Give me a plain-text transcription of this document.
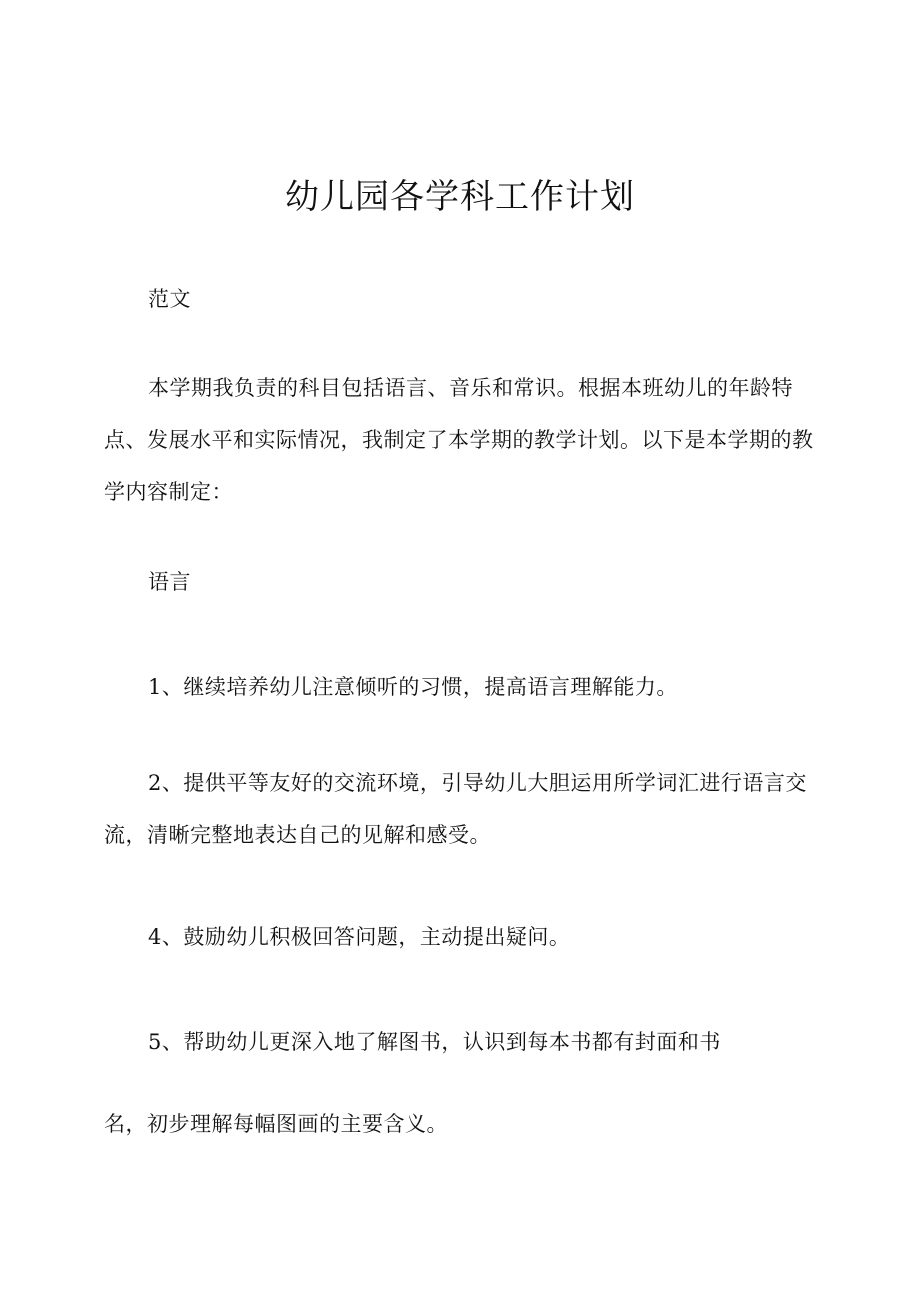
幼儿园各学科工作计划

范文

本学期我负责的科目包括语言、音乐和常识。根据本班幼儿的年龄特点、发展水平和实际情况，我制定了本学期的教学计划。以下是本学期的教学内容制定：

语言

1、继续培养幼儿注意倾听的习惯，提高语言理解能力。

2、提供平等友好的交流环境，引导幼儿大胆运用所学词汇进行语言交流，清晰完整地表达自己的见解和感受。

4、鼓励幼儿积极回答问题，主动提出疑问。

5、帮助幼儿更深入地了解图书，认识到每本书都有封面和书

名，初步理解每幅图画的主要含义。
